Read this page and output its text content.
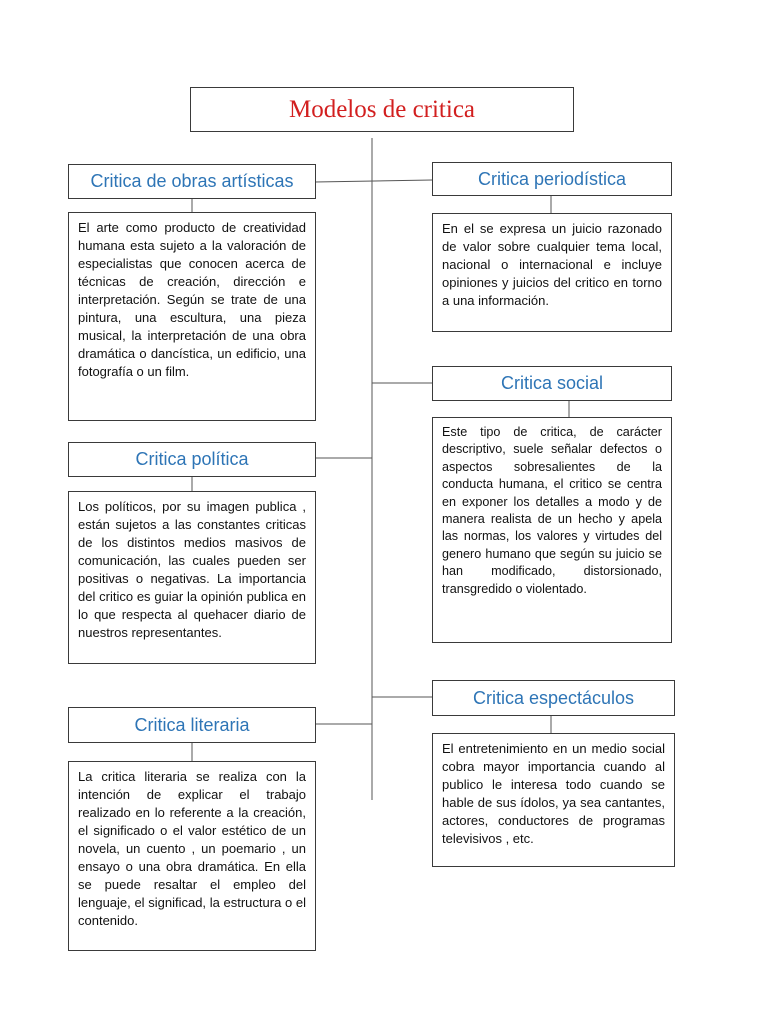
Modelos de critica
Critica de obras artísticas
El arte como producto de creatividad humana esta sujeto a la valoración de especialistas que conocen acerca de técnicas de creación, dirección e interpretación. Según se trate de una pintura, una escultura, una pieza musical, la interpretación de una obra dramática o dancística, un edificio, una fotografía o un film.
Critica periodística
En el se expresa un juicio razonado de valor sobre cualquier tema local, nacional o internacional e incluye opiniones y juicios del critico en torno a una información.
Critica social
Este tipo de critica, de carácter descriptivo, suele señalar defectos o aspectos sobresalientes de la conducta humana, el critico se centra en exponer los detalles a modo y de manera realista de un hecho y apela las normas, los valores y virtudes del genero humano que según su juicio se han modificado, distorsionado, transgredido o violentado.
Critica política
Los políticos, por su imagen publica , están sujetos a las constantes criticas de los distintos medios masivos de comunicación, las cuales pueden ser positivas o negativas. La importancia del critico es guiar la opinión publica en lo que respecta al quehacer diario de nuestros representantes.
Critica espectáculos
El entretenimiento en un medio social cobra mayor importancia cuando al publico le interesa todo cuando se hable de sus ídolos, ya sea cantantes, actores, conductores de programas televisivos , etc.
Critica literaria
La critica literaria se realiza con la intención de explicar el trabajo realizado en lo referente a la creación, el significado o el valor estético de un novela, un cuento , un poemario , un ensayo o una obra dramática. En ella se puede resaltar el empleo del lenguaje, el significad, la estructura o el contenido.
